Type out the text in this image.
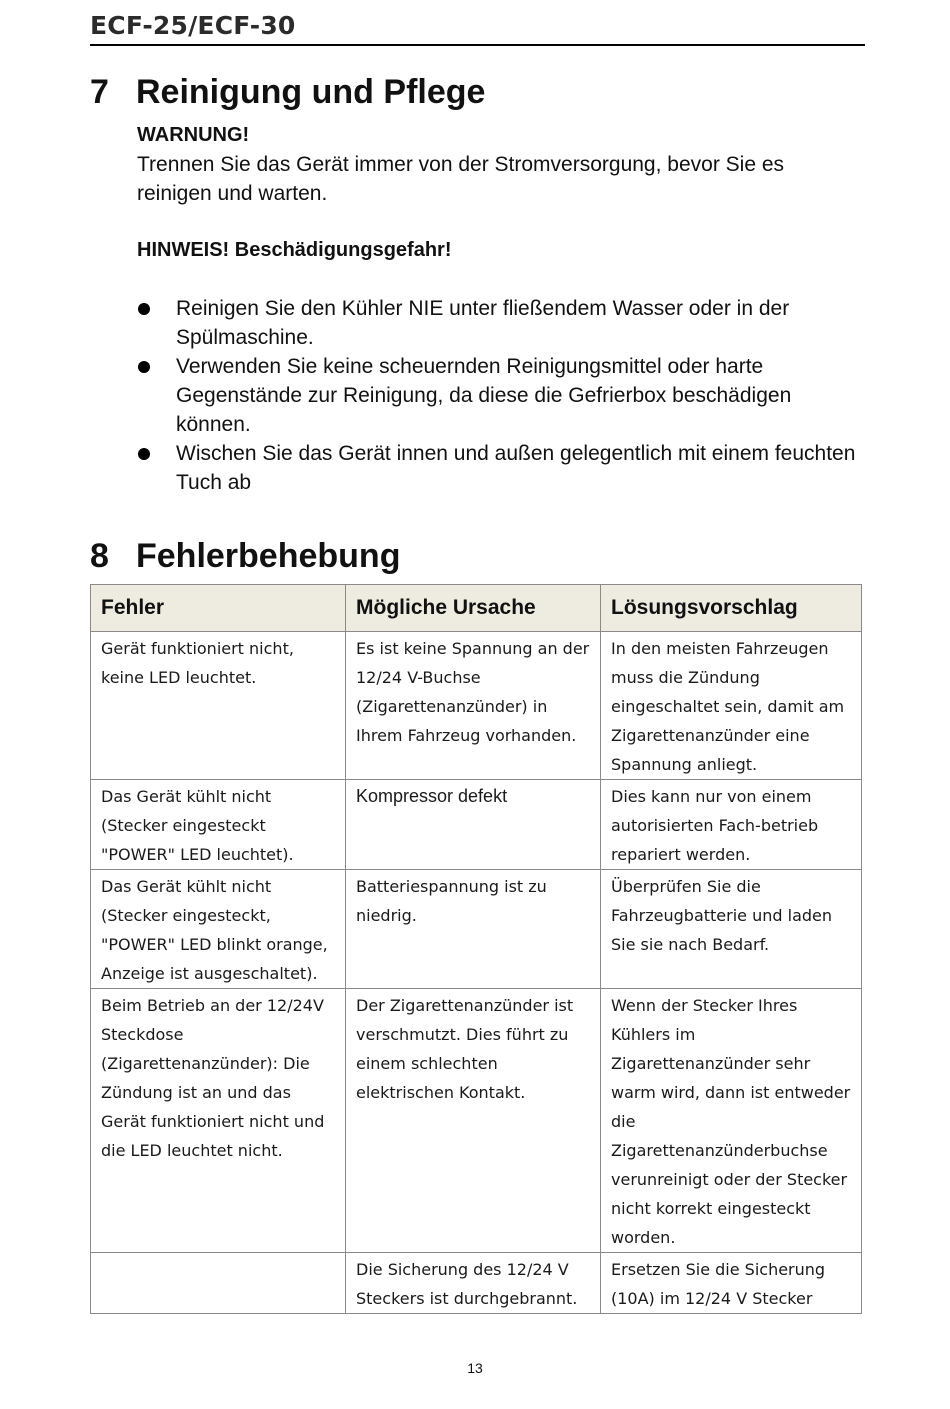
ECF-25/ECF-30
7 Reinigung und Pflege
WARNUNG!
Trennen Sie das Gerät immer von der Stromversorgung, bevor Sie es reinigen und warten.
HINWEIS! Beschädigungsgefahr!
Reinigen Sie den Kühler NIE unter fließendem Wasser oder in der Spülmaschine.
Verwenden Sie keine scheuernden Reinigungsmittel oder harte Gegenstände zur Reinigung, da diese die Gefrierbox beschädigen können.
Wischen Sie das Gerät innen und außen gelegentlich mit einem feuchten Tuch ab
8 Fehlerbehebung
Fehler	Mögliche Ursache	Lösungsvorschlag
Gerät funktioniert nicht, keine LED leuchtet.	Es ist keine Spannung an der 12/24 V-Buchse (Zigarettenanzünder) in Ihrem Fahrzeug vorhanden.	In den meisten Fahrzeugen muss die Zündung eingeschaltet sein, damit am Zigarettenanzünder eine Spannung anliegt.
Das Gerät kühlt nicht (Stecker eingesteckt "POWER" LED leuchtet).	Kompressor defekt	Dies kann nur von einem autorisierten Fach-betrieb repariert werden.
Das Gerät kühlt nicht (Stecker eingesteckt, "POWER" LED blinkt orange, Anzeige ist ausgeschaltet).	Batteriespannung ist zu niedrig.	Überprüfen Sie die Fahrzeugbatterie und laden Sie sie nach Bedarf.
Beim Betrieb an der 12/24V Steckdose (Zigarettenanzünder): Die Zündung ist an und das Gerät funktioniert nicht und die LED leuchtet nicht.	Der Zigarettenanzünder ist verschmutzt. Dies führt zu einem schlechten elektrischen Kontakt.	Wenn der Stecker Ihres Kühlers im Zigarettenanzünder sehr warm wird, dann ist entweder die Zigarettenanzünderbuchse verunreinigt oder der Stecker nicht korrekt eingesteckt worden.
	Die Sicherung des 12/24 V Steckers ist durchgebrannt.	Ersetzen Sie die Sicherung (10A) im 12/24 V Stecker
13
